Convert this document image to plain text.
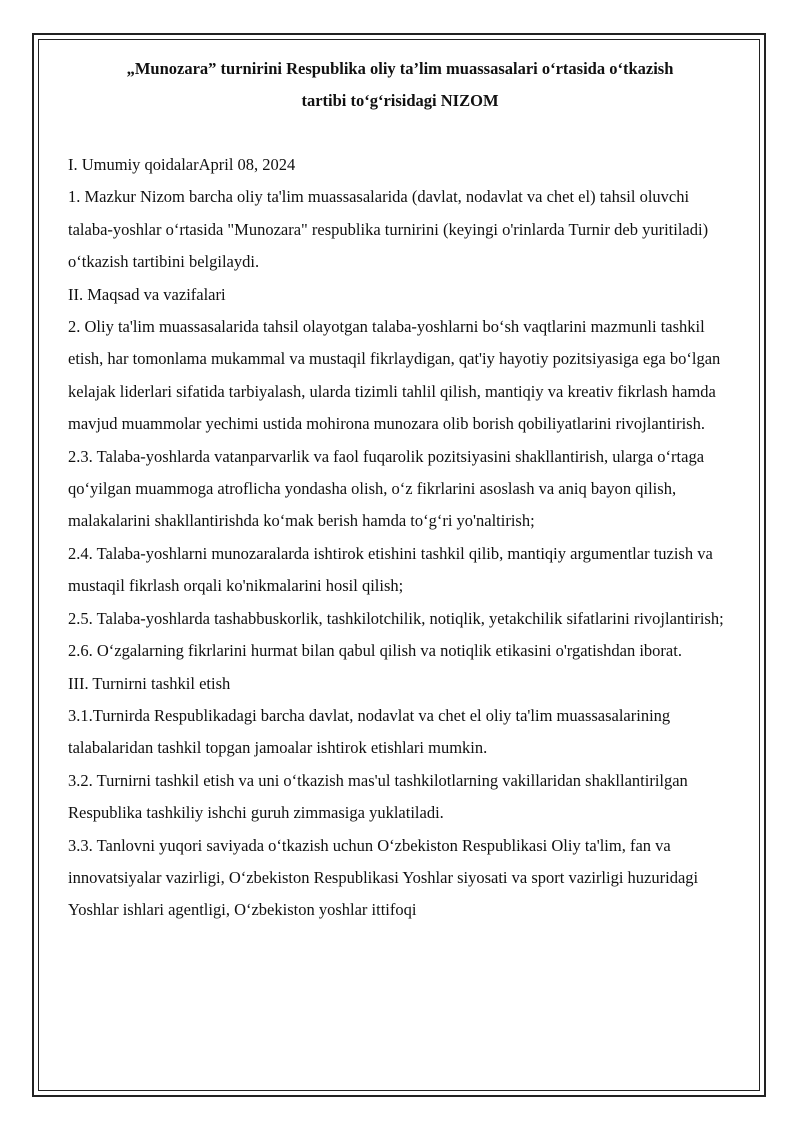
„Munozara” turnirini Respublika oliy ta’lim muassasalari oʻrtasida oʻtkazish
tartibi toʻgʻrisidagi NIZOM

I. Umumiy qoidalarApril 08, 2024

1. Mazkur Nizom barcha oliy ta'lim muassasalarida (davlat, nodavlat va chet el) tahsil oluvchi talaba-yoshlar oʻrtasida "Munozara" respublika turnirini (keyingi o'rinlarda Turnir deb yuritiladi) oʻtkazish tartibini belgilaydi.

II. Maqsad va vazifalari

2. Oliy ta'lim muassasalarida tahsil olayotgan talaba-yoshlarni boʻsh vaqtlarini mazmunli tashkil etish, har tomonlama mukammal va mustaqil fikrlaydigan, qat'iy hayotiy pozitsiyasiga ega boʻlgan kelajak liderlari sifatida tarbiyalash, ularda tizimli tahlil qilish, mantiqiy va kreativ fikrlash hamda mavjud muammolar yechimi ustida mohirona munozara olib borish qobiliyatlarini rivojlantirish.

2.3. Talaba-yoshlarda vatanparvarlik va faol fuqarolik pozitsiyasini shakllantirish, ularga oʻrtaga qoʻyilgan muammoga atroflicha yondasha olish, oʻz fikrlarini asoslash va aniq bayon qilish, malakalarini shakllantirishda koʻmak berish hamda toʻgʻri yo'naltirish;

2.4. Talaba-yoshlarni munozaralarda ishtirok etishini tashkil qilib, mantiqiy argumentlar tuzish va mustaqil fikrlash orqali ko'nikmalarini hosil qilish;

2.5. Talaba-yoshlarda tashabbuskorlik, tashkilotchilik, notiqlik, yetakchilik sifatlarini rivojlantirish;

2.6. Oʻzgalarning fikrlarini hurmat bilan qabul qilish va notiqlik etikasini o'rgatishdan iborat.

III. Turnirni tashkil etish

3.1.Turnirda Respublikadagi barcha davlat, nodavlat va chet el oliy ta'lim muassasalarining talabalaridan tashkil topgan jamoalar ishtirok etishlari mumkin.

3.2. Turnirni tashkil etish va uni oʻtkazish mas'ul tashkilotlarning vakillaridan shakllantirilgan Respublika tashkiliy ishchi guruh zimmasiga yuklatiladi.

3.3. Tanlovni yuqori saviyada oʻtkazish uchun Oʻzbekiston Respublikasi Oliy ta'lim, fan va innovatsiyalar vazirligi, Oʻzbekiston Respublikasi Yoshlar siyosati va sport vazirligi huzuridagi Yoshlar ishlari agentligi, Oʻzbekiston yoshlar ittifoqi
